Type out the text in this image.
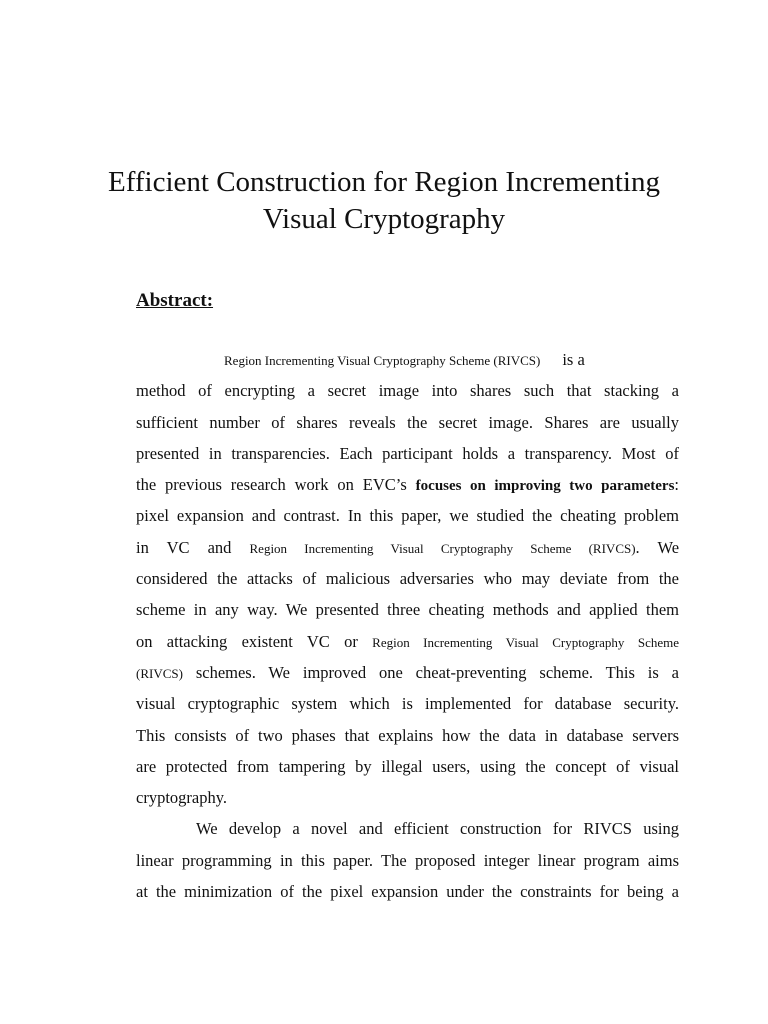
Efficient Construction for Region Incrementing
Visual Cryptography
Abstract:
Region Incrementing Visual Cryptography Scheme (RIVCS) is a
method of encrypting a secret image into shares such that stacking a
sufficient number of shares reveals the secret image. Shares are usually
presented in transparencies. Each participant holds a transparency. Most of
the previous research work on EVC’s focuses on improving two parameters:
pixel expansion and contrast. In this paper, we studied the cheating problem
in VC and Region Incrementing Visual Cryptography Scheme (RIVCS). We
considered the attacks of malicious adversaries who may deviate from the
scheme in any way. We presented three cheating methods and applied them
on attacking existent VC or Region Incrementing Visual Cryptography Scheme
(RIVCS) schemes. We improved one cheat-preventing scheme. This is a
visual cryptographic system which is implemented for database security.
This consists of two phases that explains how the data in database servers
are protected from tampering by illegal users, using the concept of visual
cryptography.
We develop a novel and efficient construction for RIVCS using
linear programming in this paper. The proposed integer linear program aims
at the minimization of the pixel expansion under the constraints for being a
